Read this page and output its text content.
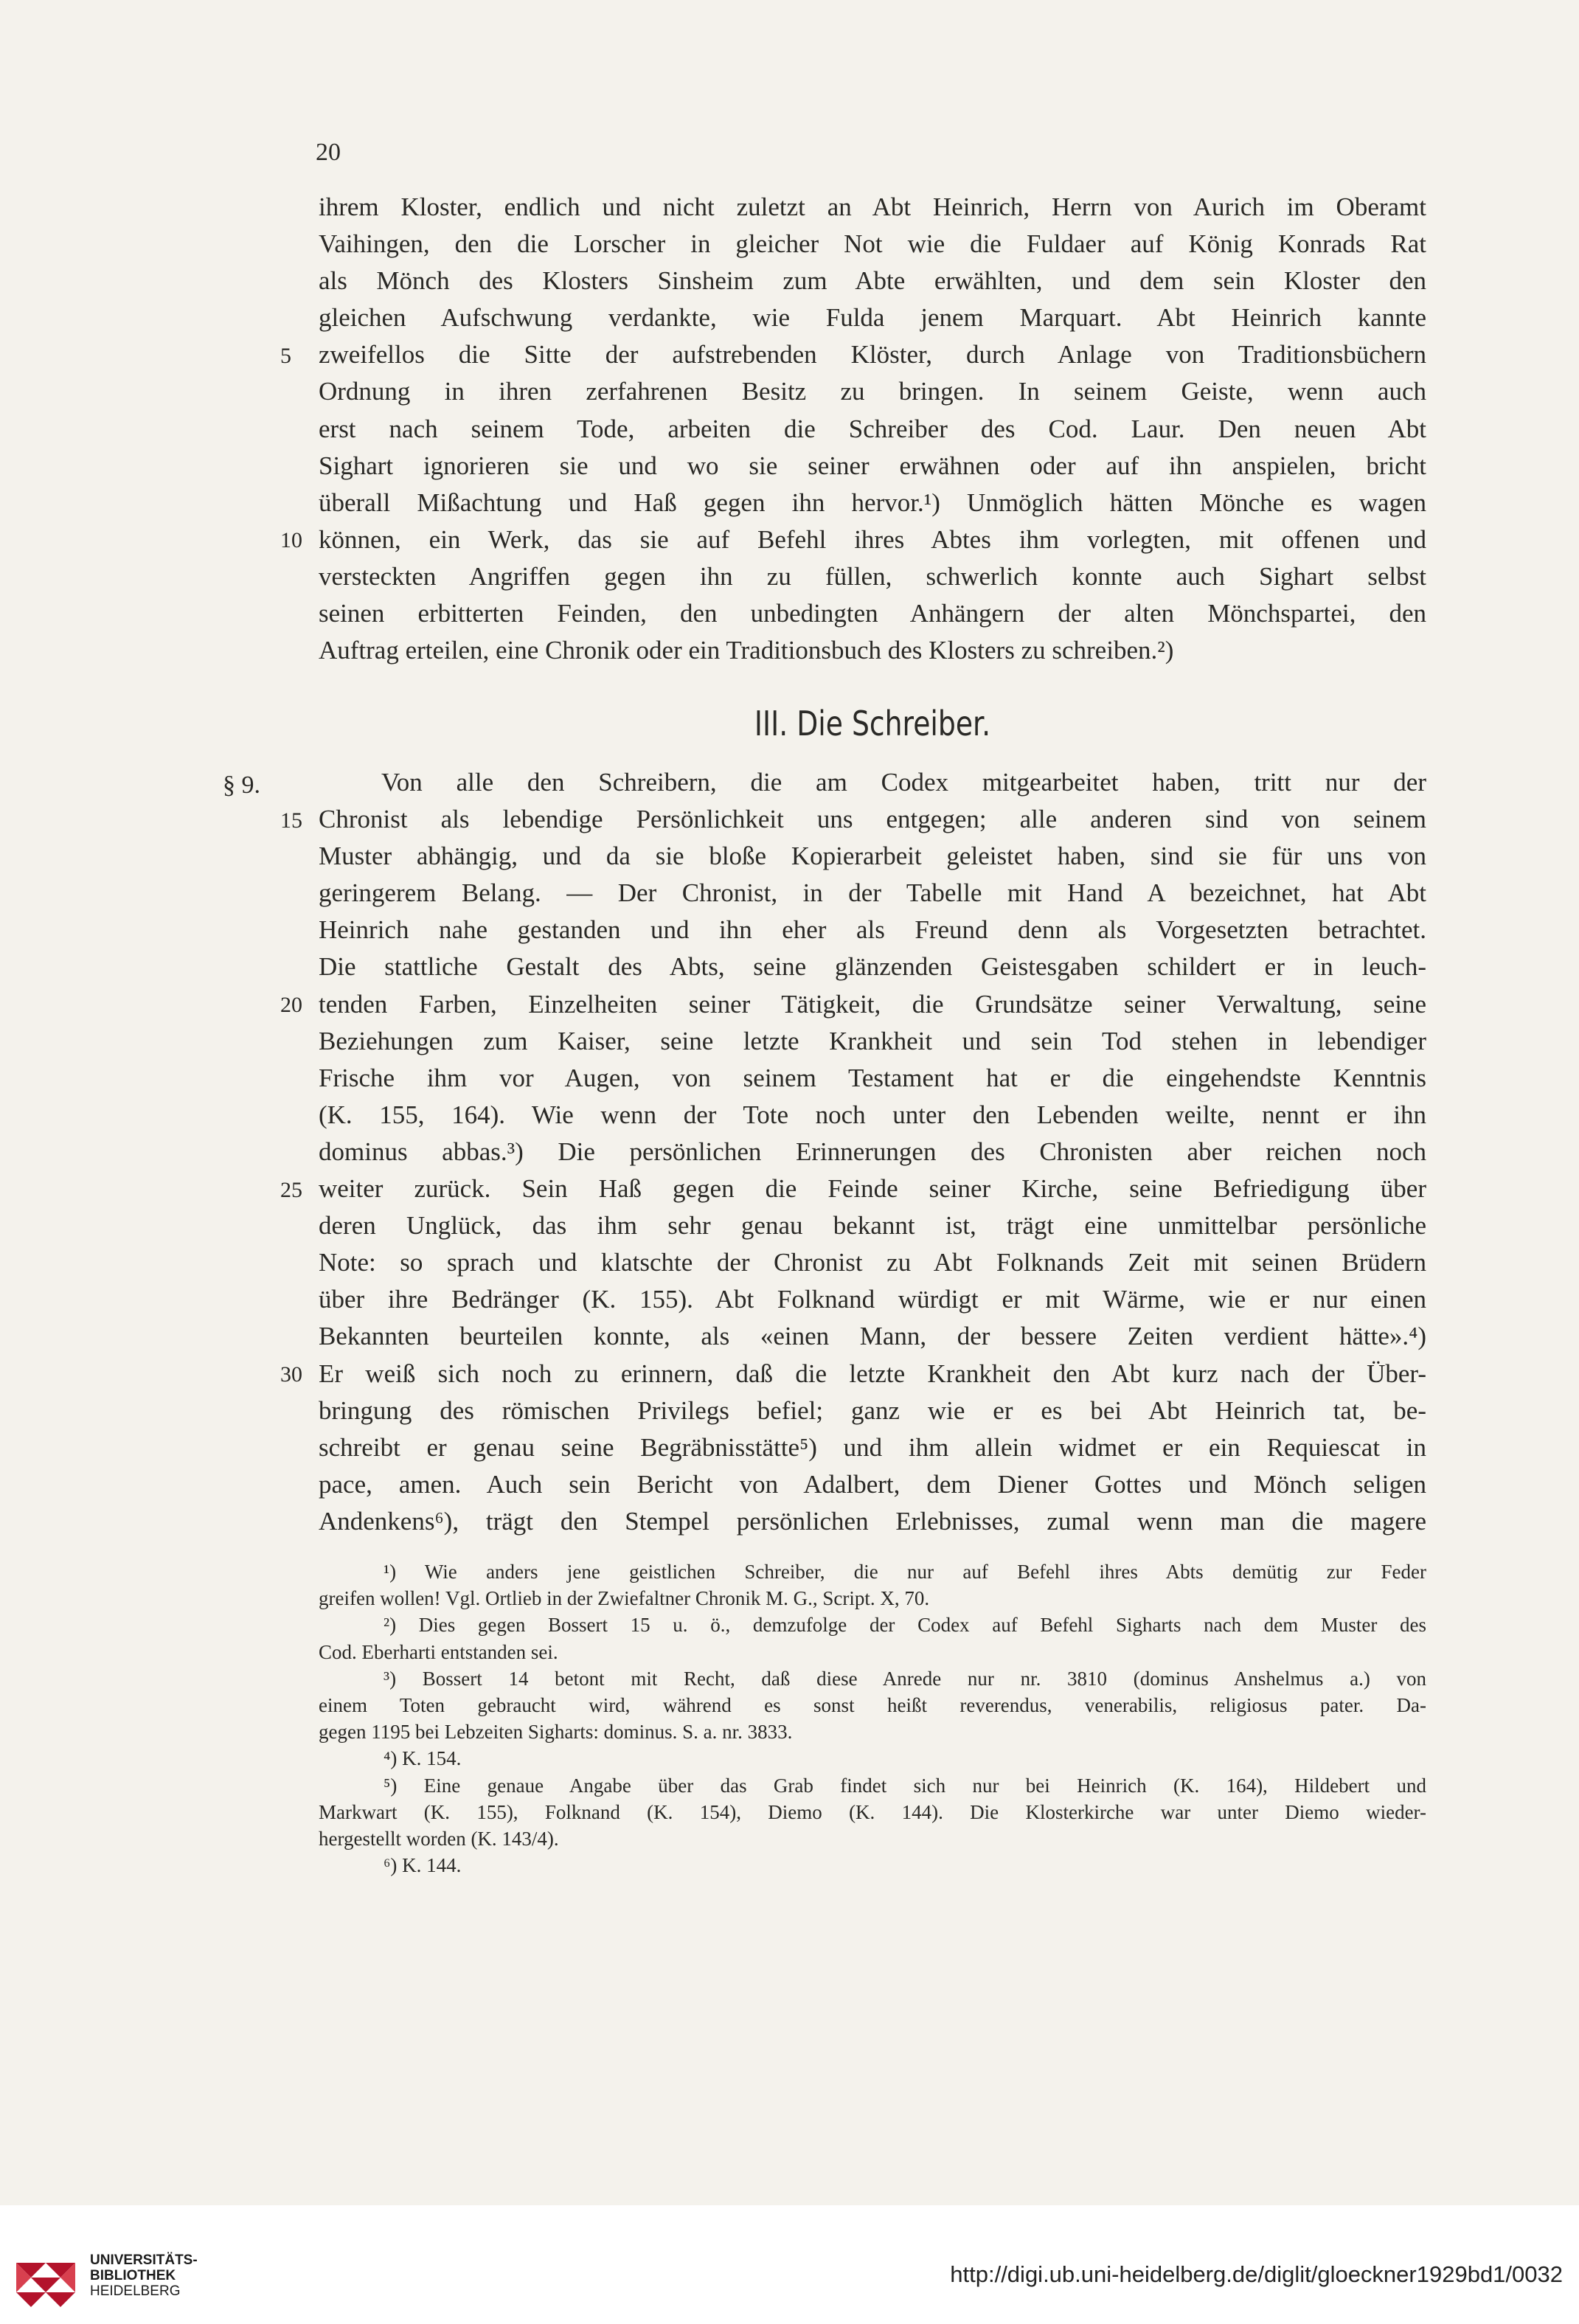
20
ihrem Kloster, endlich und nicht zuletzt an Abt Heinrich, Herrn von Aurich im Oberamt
Vaihingen, den die Lorscher in gleicher Not wie die Fuldaer auf König Konrads Rat
als Mönch des Klosters Sinsheim zum Abte erwählten, und dem sein Kloster den
gleichen Aufschwung verdankte, wie Fulda jenem Marquart. Abt Heinrich kannte
zweifellos die Sitte der aufstrebenden Klöster, durch Anlage von Traditionsbüchern
Ordnung in ihren zerfahrenen Besitz zu bringen. In seinem Geiste, wenn auch
erst nach seinem Tode, arbeiten die Schreiber des Cod. Laur. Den neuen Abt
Sighart ignorieren sie und wo sie seiner erwähnen oder auf ihn anspielen, bricht
überall Mißachtung und Haß gegen ihn hervor.¹) Unmöglich hätten Mönche es wagen
können, ein Werk, das sie auf Befehl ihres Abtes ihm vorlegten, mit offenen und
versteckten Angriffen gegen ihn zu füllen, schwerlich konnte auch Sighart selbst
seinen erbitterten Feinden, den unbedingten Anhängern der alten Mönchspartei, den
Auftrag erteilen, eine Chronik oder ein Traditionsbuch des Klosters zu schreiben.²)
5
10
III. Die Schreiber.
§ 9.	Von alle den Schreibern, die am Codex mitgearbeitet haben, tritt nur der
Chronist als lebendige Persönlichkeit uns entgegen; alle anderen sind von seinem
Muster abhängig, und da sie bloße Kopierarbeit geleistet haben, sind sie für uns von
geringerem Belang. — Der Chronist, in der Tabelle mit Hand A bezeichnet, hat Abt
Heinrich nahe gestanden und ihn eher als Freund denn als Vorgesetzten betrachtet.
Die stattliche Gestalt des Abts, seine glänzenden Geistesgaben schildert er in leuch-
tenden Farben, Einzelheiten seiner Tätigkeit, die Grundsätze seiner Verwaltung, seine
Beziehungen zum Kaiser, seine letzte Krankheit und sein Tod stehen in lebendiger
Frische ihm vor Augen, von seinem Testament hat er die eingehendste Kenntnis
(K. 155, 164). Wie wenn der Tote noch unter den Lebenden weilte, nennt er ihn
dominus abbas.³) Die persönlichen Erinnerungen des Chronisten aber reichen noch
weiter zurück. Sein Haß gegen die Feinde seiner Kirche, seine Befriedigung über
deren Unglück, das ihm sehr genau bekannt ist, trägt eine unmittelbar persönliche
Note: so sprach und klatschte der Chronist zu Abt Folknands Zeit mit seinen Brüdern
über ihre Bedränger (K. 155). Abt Folknand würdigt er mit Wärme, wie er nur einen
Bekannten beurteilen konnte, als «einen Mann, der bessere Zeiten verdient hätte».⁴)
Er weiß sich noch zu erinnern, daß die letzte Krankheit den Abt kurz nach der Über-
bringung des römischen Privilegs befiel; ganz wie er es bei Abt Heinrich tat, be-
schreibt er genau seine Begräbnisstätte⁵) und ihm allein widmet er ein Requiescat in
pace, amen. Auch sein Bericht von Adalbert, dem Diener Gottes und Mönch seligen
Andenkens⁶), trägt den Stempel persönlichen Erlebnisses, zumal wenn man die magere
15
20
25
30
¹) Wie anders jene geistlichen Schreiber, die nur auf Befehl ihres Abts demütig zur Feder
greifen wollen! Vgl. Ortlieb in der Zwiefaltner Chronik M. G., Script. X, 70.
²) Dies gegen Bossert 15 u. ö., demzufolge der Codex auf Befehl Sigharts nach dem Muster des
Cod. Eberharti entstanden sei.
³) Bossert 14 betont mit Recht, daß diese Anrede nur nr. 3810 (dominus Anshelmus a.) von
einem Toten gebraucht wird, während es sonst heißt reverendus, venerabilis, religiosus pater. Da-
gegen 1195 bei Lebzeiten Sigharts: dominus. S. a. nr. 3833.
⁴) K. 154.
⁵) Eine genaue Angabe über das Grab findet sich nur bei Heinrich (K. 164), Hildebert und
Markwart (K. 155), Folknand (K. 154), Diemo (K. 144). Die Klosterkirche war unter Diemo wieder-
hergestellt worden (K. 143/4).
⁶) K. 144.
UNIVERSITÄTS-
BIBLIOTHEK
HEIDELBERG
http://digi.ub.uni-heidelberg.de/diglit/gloeckner1929bd1/0032
